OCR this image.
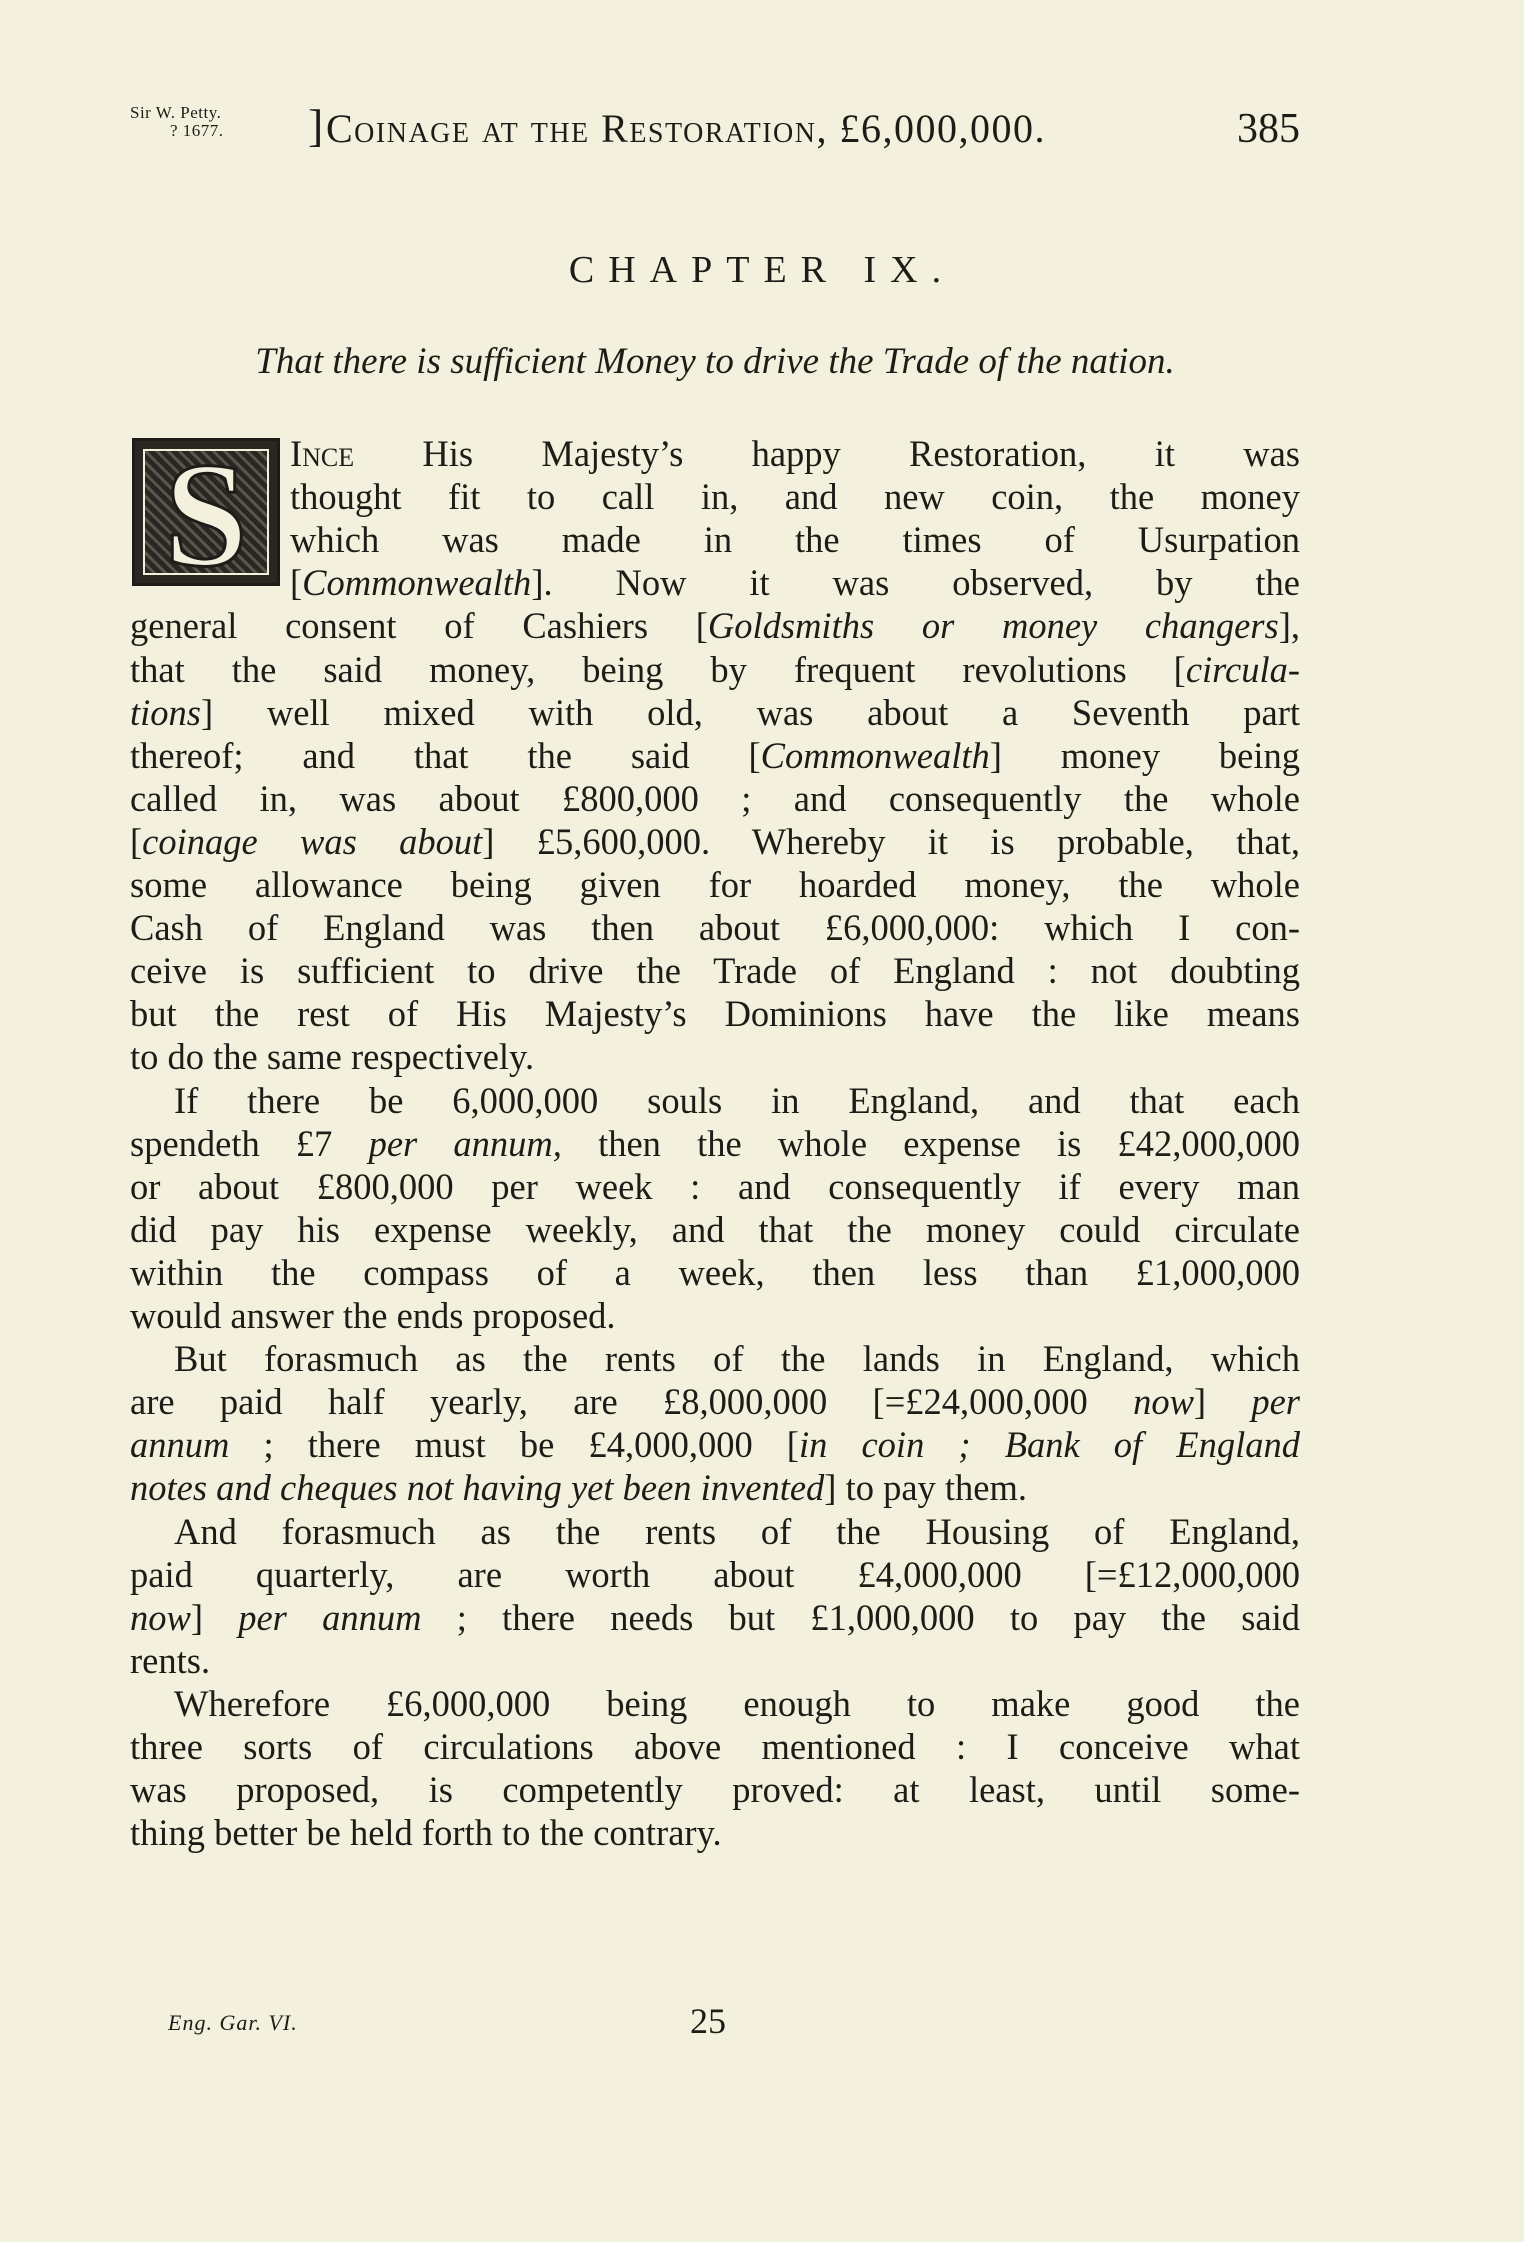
Sir W. Petty.
? 1677. ] Coinage at the Restoration, £6,000,000.	385
CHAPTER IX.
That there is sufficient Money to drive the Trade of the nation.
S	Ince His Majesty’s happy Restoration, it was
thought fit to call in, and new coin, the money
which was made in the times of Usurpation
[Commonwealth]. Now it was observed, by the
general consent of Cashiers [Goldsmiths or money changers],
that the said money, being by frequent revolutions [circula-
tions] well mixed with old, was about a Seventh part
thereof; and that the said [Commonwealth] money being
called in, was about £800,000 ; and consequently the whole
[coinage was about] £5,600,000. Whereby it is probable, that,
some allowance being given for hoarded money, the whole
Cash of England was then about £6,000,000: which I con-
ceive is sufficient to drive the Trade of England : not doubting
but the rest of His Majesty’s Dominions have the like means
to do the same respectively.
If there be 6,000,000 souls in England, and that each
spendeth £7 per annum, then the whole expense is £42,000,000
or about £800,000 per week : and consequently if every man
did pay his expense weekly, and that the money could circulate
within the compass of a week, then less than £1,000,000
would answer the ends proposed.
But forasmuch as the rents of the lands in England, which
are paid half yearly, are £8,000,000 [=£24,000,000 now] per
annum ; there must be £4,000,000 [in coin ; Bank of England
notes and cheques not having yet been invented] to pay them.
And forasmuch as the rents of the Housing of England,
paid quarterly, are worth about £4,000,000 [=£12,000,000
now] per annum ; there needs but £1,000,000 to pay the said
rents.
Wherefore £6,000,000 being enough to make good the
three sorts of circulations above mentioned : I conceive what
was proposed, is competently proved: at least, until some-
thing better be held forth to the contrary.
Eng. Gar. VI.	25
